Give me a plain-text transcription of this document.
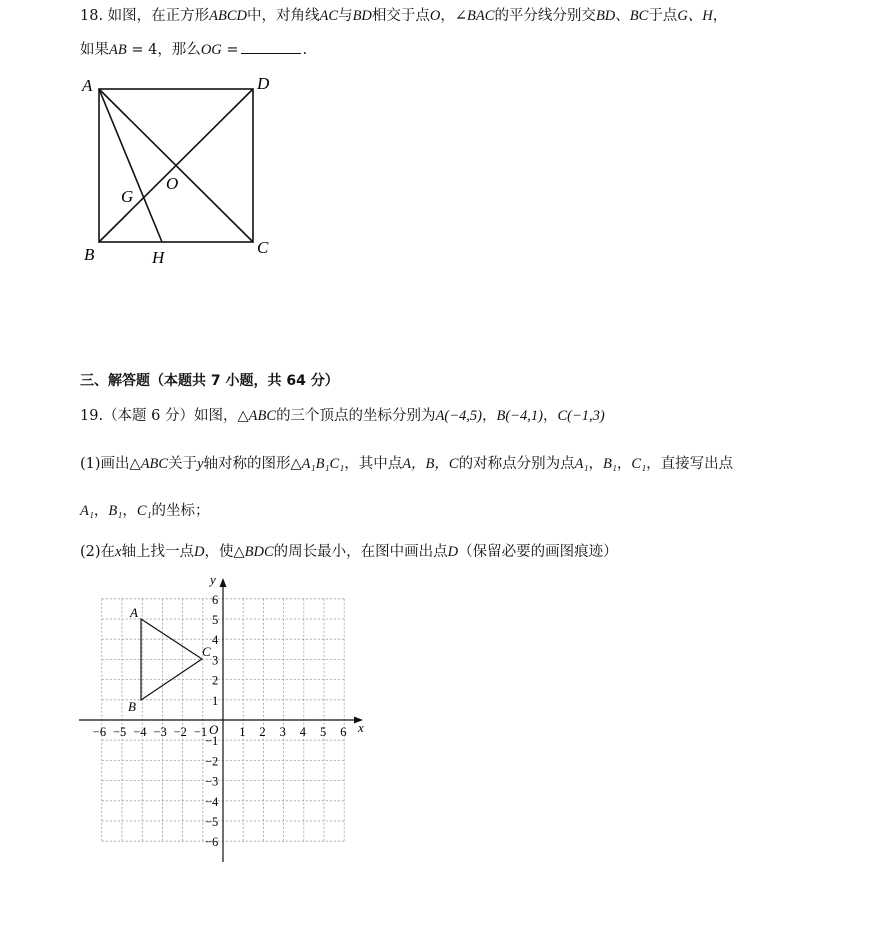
18. 如图，在正方形ABCD中，对角线AC与BD相交于点O，∠BAC的平分线分别交BD、BC于点G、H，
如果AB = 4，那么OG =	.
A	D
B	C
O
G
H
三、解答题（本题共 7 小题，共 64 分）
19.（本题 6 分）如图，△ABC的三个顶点的坐标分别为A(−4,5)，B(−4,1)，C(−1,3)
(1)画出△ABC关于y轴对称的图形△A₁B₁C₁，其中点A，B，C的对称点分别为点A₁，B₁，C₁，直接写出点
A₁，B₁，C₁的坐标；
(2)在x轴上找一点D，使△BDC的周长最小，在图中画出点D（保留必要的画图痕迹）
−6 −5 −4 −3 −2 −1	1 2 3 4 5 6
1
2
3
4
5
6
−1
−2
−3
−4
−5
−6
x
y
O
A
B
C
